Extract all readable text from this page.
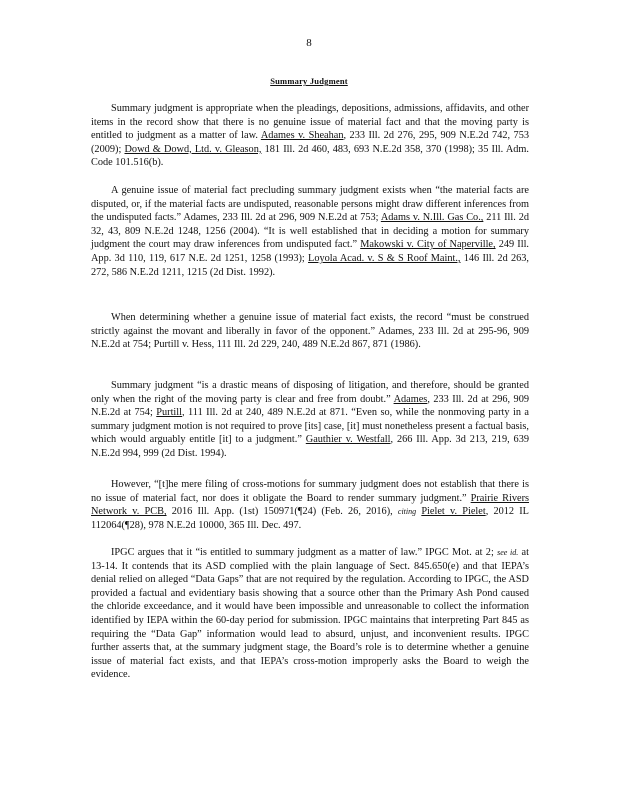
8
Summary Judgment

Summary judgment is appropriate when the pleadings, depositions, admissions, affidavits, and other items in the record show that there is no genuine issue of material fact and that the moving party is entitled to judgment as a matter of law. Adames v. Sheahan, 233 Ill. 2d 276, 295, 909 N.E.2d 742, 753 (2009); Dowd & Dowd, Ltd. v. Gleason, 181 Ill. 2d 460, 483, 693 N.E.2d 358, 370 (1998); 35 Ill. Adm. Code 101.516(b).

A genuine issue of material fact precluding summary judgment exists when “the material facts are disputed, or, if the material facts are undisputed, reasonable persons might draw different inferences from the undisputed facts.” Adames, 233 Ill. 2d at 296, 909 N.E.2d at 753; Adams v. N.Ill. Gas Co., 211 Ill. 2d 32, 43, 809 N.E.2d 1248, 1256 (2004). “It is well established that in deciding a motion for summary judgment the court may draw inferences from undisputed fact.” Makowski v. City of Naperville, 249 Ill. App. 3d 110, 119, 617 N.E. 2d 1251, 1258 (1993); Loyola Acad. v. S & S Roof Maint., 146 Ill. 2d 263, 272, 586 N.E.2d 1211, 1215 (2d Dist. 1992).

When determining whether a genuine issue of material fact exists, the record “must be construed strictly against the movant and liberally in favor of the opponent.” Adames, 233 Ill. 2d at 295-96, 909 N.E.2d at 754; Purtill v. Hess, 111 Ill. 2d 229, 240, 489 N.E.2d 867, 871 (1986).

Summary judgment “is a drastic means of disposing of litigation, and therefore, should be granted only when the right of the moving party is clear and free from doubt.” Adames, 233 Ill. 2d at 296, 909 N.E.2d at 754; Purtill, 111 Ill. 2d at 240, 489 N.E.2d at 871. “Even so, while the nonmoving party in a summary judgment motion is not required to prove [its] case, [it] must nonetheless present a factual basis, which would arguably entitle [it] to a judgment.” Gauthier v. Westfall, 266 Ill. App. 3d 213, 219, 639 N.E.2d 994, 999 (2d Dist. 1994).

However, “[t]he mere filing of cross-motions for summary judgment does not establish that there is no issue of material fact, nor does it obligate the Board to render summary judgment.” Prairie Rivers Network v. PCB, 2016 Ill. App. (1st) 150971(¶24) (Feb. 26, 2016), citing Pielet v. Pielet, 2012 IL 112064(¶28), 978 N.E.2d 10000, 365 Ill. Dec. 497.

IPGC argues that it “is entitled to summary judgment as a matter of law.” IPGC Mot. at 2; see id. at 13-14. It contends that its ASD complied with the plain language of Sect. 845.650(e) and that IEPA’s denial relied on alleged “Data Gaps” that are not required by the regulation. According to IPGC, the ASD provided a factual and evidentiary basis showing that a source other than the Primary Ash Pond caused the chloride exceedance, and it would have been impossible and unreasonable to collect the information identified by IEPA within the 60-day period for submission. IPGC maintains that interpreting Part 845 as requiring the “Data Gap” information would lead to absurd, unjust, and inconvenient results. IPGC further asserts that, at the summary judgment stage, the Board’s role is to determine whether a genuine issue of material fact exists, and that IEPA’s cross-motion improperly asks the Board to weigh the evidence.
